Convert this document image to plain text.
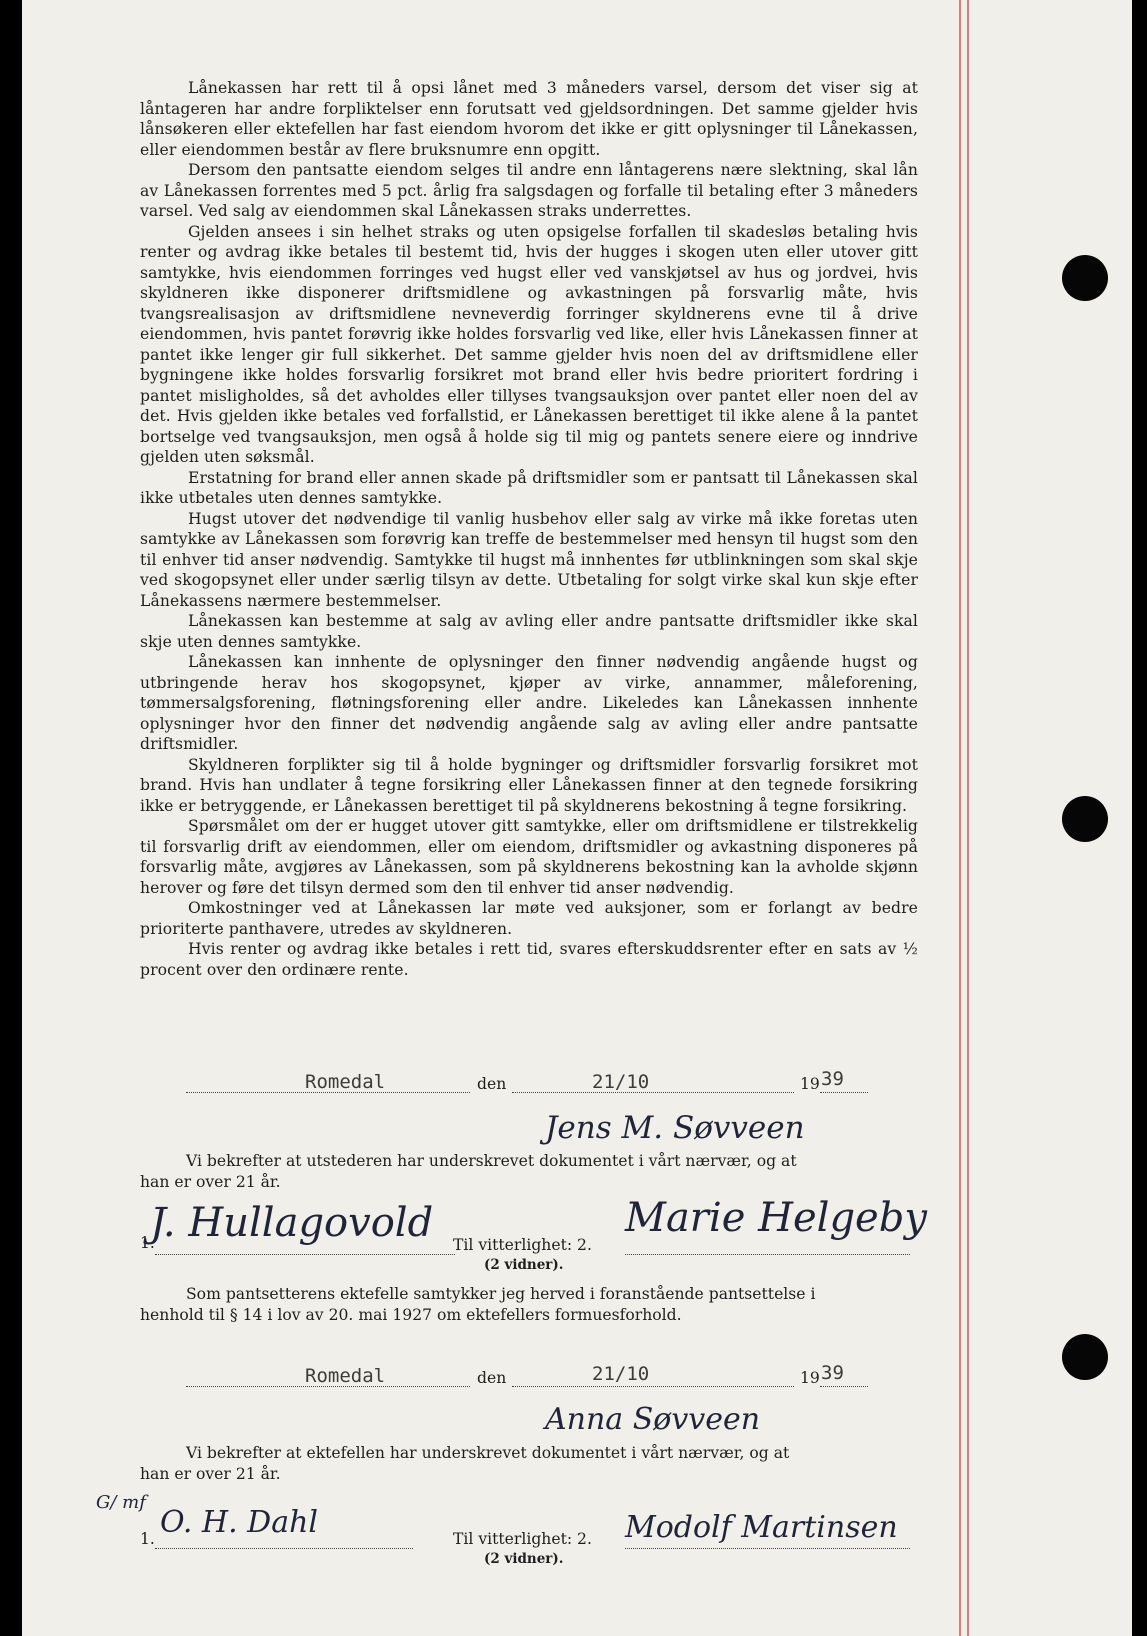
Lånekassen har rett til å opsi lånet med 3 måneders varsel, dersom det viser sig at låntageren har andre forpliktelser enn forutsatt ved gjeldsordningen. Det samme gjelder hvis lånsøkeren eller ektefellen har fast eiendom hvorom det ikke er gitt oplysninger til Lånekassen, eller eiendommen består av flere bruksnumre enn opgitt.

Dersom den pantsatte eiendom selges til andre enn låntagerens nære slektning, skal lån av Lånekassen forrentes med 5 pct. årlig fra salgsdagen og forfalle til betaling efter 3 måneders varsel. Ved salg av eiendommen skal Lånekassen straks underrettes.

Gjelden ansees i sin helhet straks og uten opsigelse forfallen til skadesløs betaling hvis renter og avdrag ikke betales til bestemt tid, hvis der hugges i skogen uten eller utover gitt samtykke, hvis eiendommen forringes ved hugst eller ved vanskjøtsel av hus og jordvei, hvis skyldneren ikke disponerer driftsmidlene og avkastningen på forsvarlig måte, hvis tvangsrealisasjon av driftsmidlene nevneverdig forringer skyldnerens evne til å drive eiendommen, hvis pantet forøvrig ikke holdes forsvarlig ved like, eller hvis Lånekassen finner at pantet ikke lenger gir full sikkerhet. Det samme gjelder hvis noen del av driftsmidlene eller bygningene ikke holdes forsvarlig forsikret mot brand eller hvis bedre prioritert fordring i pantet misligholdes, så det avholdes eller tillyses tvangsauksjon over pantet eller noen del av det. Hvis gjelden ikke betales ved forfallstid, er Lånekassen berettiget til ikke alene å la pantet bortselge ved tvangsauksjon, men også å holde sig til mig og pantets senere eiere og inndrive gjelden uten søksmål.

Erstatning for brand eller annen skade på driftsmidler som er pantsatt til Lånekassen skal ikke utbetales uten dennes samtykke.

Hugst utover det nødvendige til vanlig husbehov eller salg av virke må ikke foretas uten samtykke av Lånekassen som forøvrig kan treffe de bestemmelser med hensyn til hugst som den til enhver tid anser nødvendig. Samtykke til hugst må innhentes før utblinkningen som skal skje ved skogopsynet eller under særlig tilsyn av dette. Utbetaling for solgt virke skal kun skje efter Lånekassens nærmere bestemmelser.

Lånekassen kan bestemme at salg av avling eller andre pantsatte driftsmidler ikke skal skje uten dennes samtykke.

Lånekassen kan innhente de oplysninger den finner nødvendig angående hugst og utbringende herav hos skogopsynet, kjøper av virke, annammer, måleforening, tømmersalgsforening, fløtningsforening eller andre. Likeledes kan Lånekassen innhente oplysninger hvor den finner det nødvendig angående salg av avling eller andre pantsatte driftsmidler.

Skyldneren forplikter sig til å holde bygninger og driftsmidler forsvarlig forsikret mot brand. Hvis han undlater å tegne forsikring eller Lånekassen finner at den tegnede forsikring ikke er betryggende, er Lånekassen berettiget til på skyldnerens bekostning å tegne forsikring.

Spørsmålet om der er hugget utover gitt samtykke, eller om driftsmidlene er tilstrekkelig til forsvarlig drift av eiendommen, eller om eiendom, driftsmidler og avkastning disponeres på forsvarlig måte, avgjøres av Lånekassen, som på skyldnerens bekostning kan la avholde skjønn herover og føre det tilsyn dermed som den til enhver tid anser nødvendig.

Omkostninger ved at Lånekassen lar møte ved auksjoner, som er forlangt av bedre prioriterte panthavere, utredes av skyldneren.

Hvis renter og avdrag ikke betales i rett tid, svares efterskuddsrenter efter en sats av ½ procent over den ordinære rente.

Romedal	den	21/10	19 39
Jens M. Søvveen
Vi bekrefter at utstederen har underskrevet dokumentet i vårt nærvær, og at
han er over 21 år.
1.
J. Hullagovold Til vitterlighet: 2.
Marie Helgeby
(2 vidner).
Som pantsetterens ektefelle samtykker jeg herved i foranstående pantsettelse i
henhold til § 14 i lov av 20. mai 1927 om ektefellers formuesforhold.
Romedal	den	21/10	19 39
Anna Søvveen
Vi bekrefter at ektefellen har underskrevet dokumentet i vårt nærvær, og at
han er over 21 år.
G/ mf
1. O. H. Dahl	Til vitterlighet: 2. Modolf Martinsen
(2 vidner).
